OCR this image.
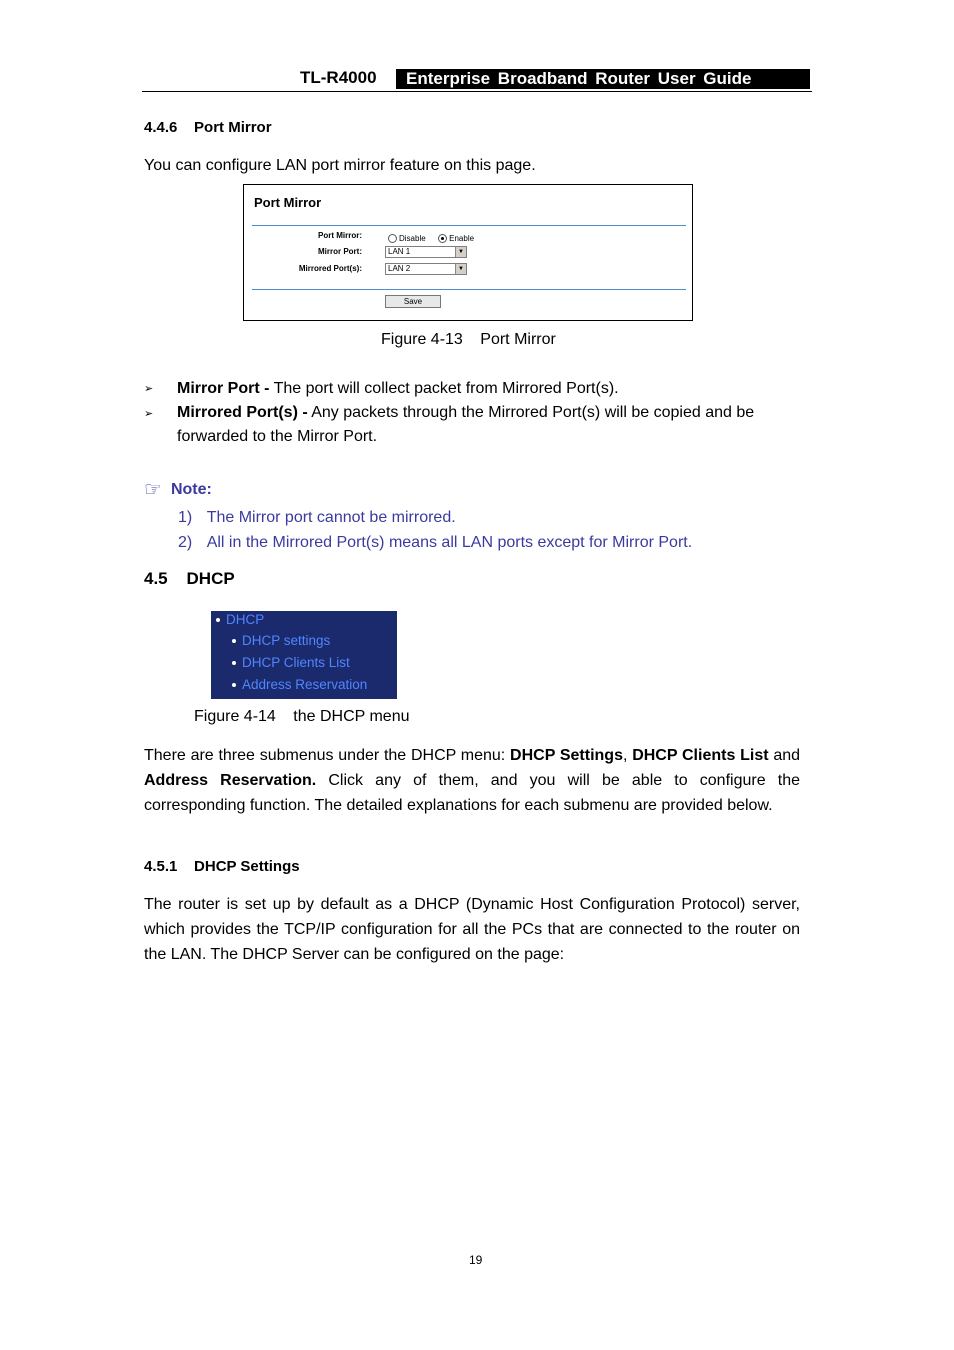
TL-R4000	Enterprise Broadband Router User Guide
4.4.6    Port Mirror
You can configure LAN port mirror feature on this page.
Port Mirror
Port Mirror:	Disable	Enable
Mirror Port:	LAN 1	▼
Mirrored Port(s):	LAN 2	▼
Save
Figure 4-13 Port Mirror
➢ Mirror Port - The port will collect packet from Mirrored Port(s).
➢ Mirrored Port(s) - Any packets through the Mirrored Port(s) will be copied and be forwarded to the Mirror Port.
☞ Note:
1) The Mirror port cannot be mirrored.
2) All in the Mirrored Port(s) means all LAN ports except for Mirror Port.
4.5    DHCP
DHCP
DHCP settings
DHCP Clients List
Address Reservation
Figure 4-14 the DHCP menu
There are three submenus under the DHCP menu: DHCP Settings, DHCP Clients List and Address Reservation. Click any of them, and you will be able to configure the corresponding function. The detailed explanations for each submenu are provided below.
4.5.1    DHCP Settings
The router is set up by default as a DHCP (Dynamic Host Configuration Protocol) server, which provides the TCP/IP configuration for all the PCs that are connected to the router on the LAN. The DHCP Server can be configured on the page:
19
